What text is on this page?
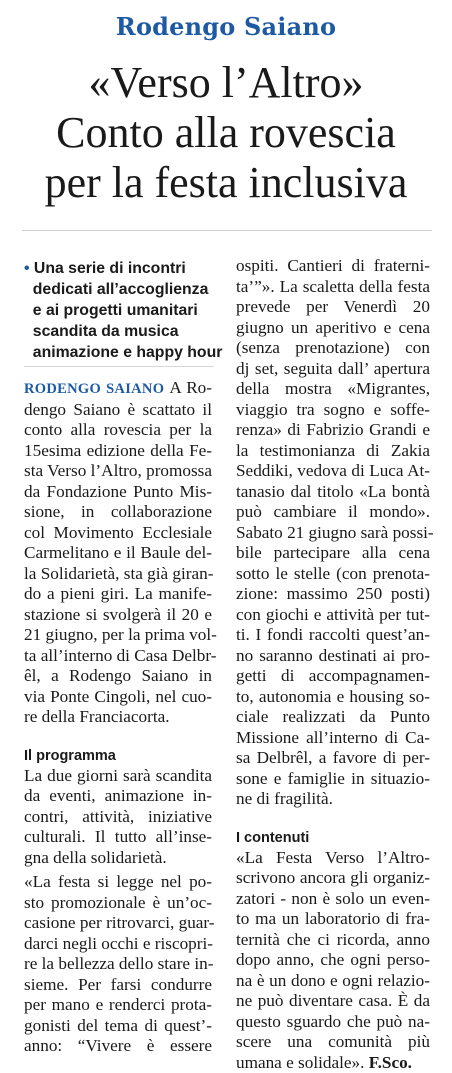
Rodengo Saiano
«Verso l’Altro»
Conto alla rovescia
per la festa inclusiva
• Una serie di incontri
dedicati all’accoglienza
e ai progetti umanitari
scandita da musica
animazione e happy hour
RODENGO SAIANO A Ro-
dengo Saiano è scattato il
conto alla rovescia per la
15esima edizione della Fe-
sta Verso l’Altro, promossa
da Fondazione Punto Mis-
sione, in collaborazione
col Movimento Ecclesiale
Carmelitano e il Baule del-
la Solidarietà, sta già giran-
do a pieni giri. La manife-
stazione si svolgerà il 20 e
21 giugno, per la prima vol-
ta all’interno di Casa Delbr-
êl, a Rodengo Saiano in
via Ponte Cingoli, nel cuo-
re della Franciacorta.
Il programma
La due giorni sarà scandita
da eventi, animazione in-
contri, attività, iniziative
culturali. Il tutto all’inse-
gna della solidarietà.
«La festa si legge nel po-
sto promozionale è un’oc-
casione per ritrovarci, guar-
darci negli occhi e riscopri-
re la bellezza dello stare in-
sieme. Per farsi condurre
per mano e renderci prota-
gonisti del tema di quest’-
anno: “Vivere è essere
ospiti. Cantieri di fraterni-
ta’”». La scaletta della festa
prevede per Venerdì 20
giugno un aperitivo e cena
(senza prenotazione) con
dj set, seguita dall’ apertura
della mostra «Migrantes,
viaggio tra sogno e soffe-
renza» di Fabrizio Grandi e
la testimonianza di Zakia
Seddiki, vedova di Luca At-
tanasio dal titolo «La bontà
può cambiare il mondo».
Sabato 21 giugno sarà possi-
bile partecipare alla cena
sotto le stelle (con prenota-
zione: massimo 250 posti)
con giochi e attività per tut-
ti. I fondi raccolti quest’an-
no saranno destinati ai pro-
getti di accompagnamen-
to, autonomia e housing so-
ciale realizzati da Punto
Missione all’interno di Ca-
sa Delbrêl, a favore di per-
sone e famiglie in situazio-
ne di fragilità.
I contenuti
«La Festa Verso l’Altro-
scrivono ancora gli organiz-
zatori - non è solo un even-
to ma un laboratorio di fra-
ternità che ci ricorda, anno
dopo anno, che ogni perso-
na è un dono e ogni relazio-
ne può diventare casa. È da
questo sguardo che può na-
scere una comunità più
umana e solidale». F.Sco.
